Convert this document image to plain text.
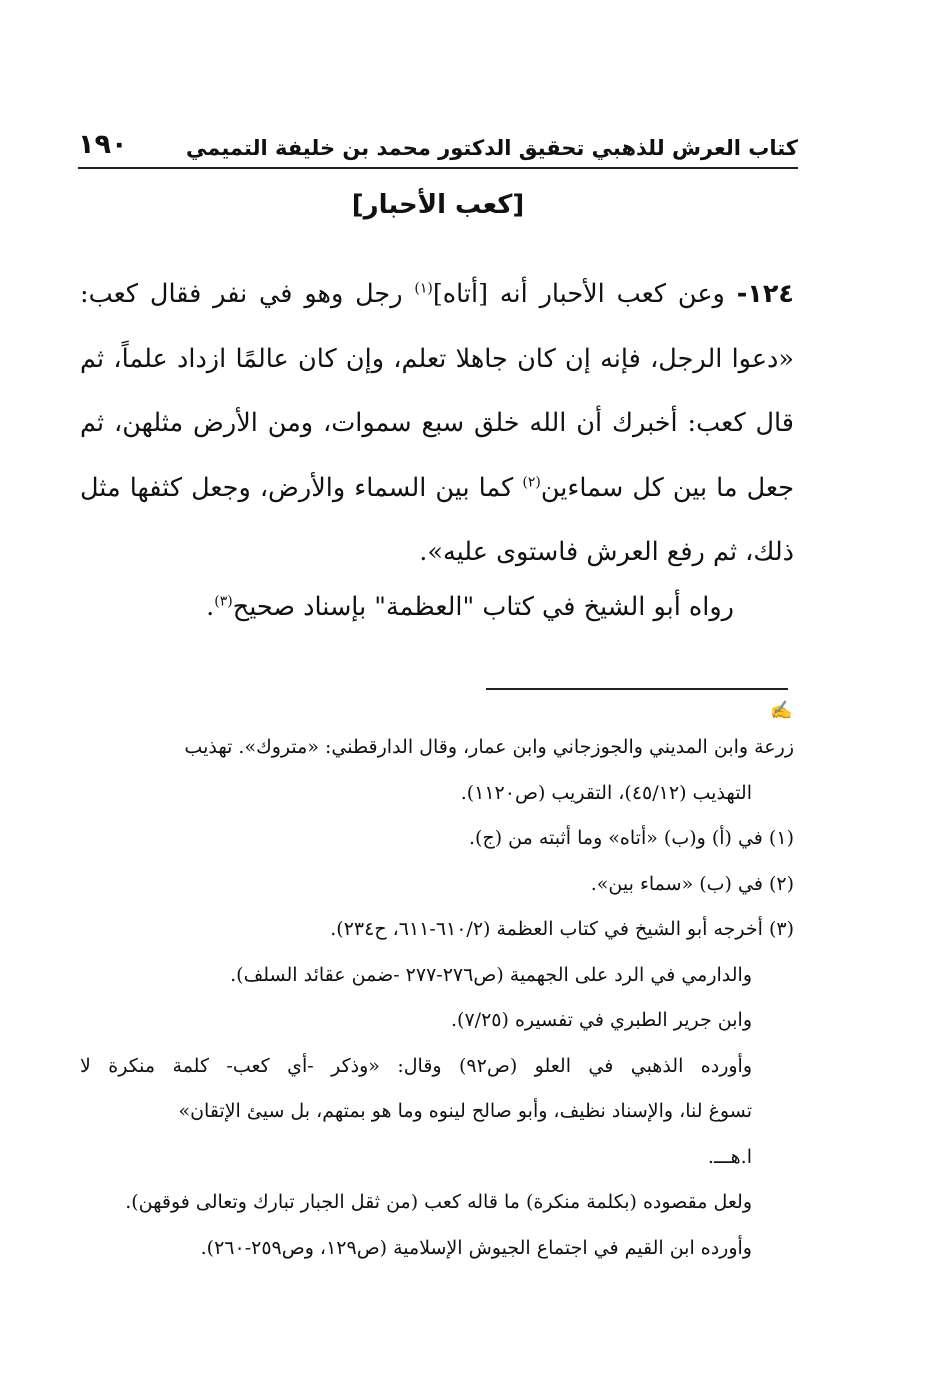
كتاب العرش للذهبي تحقيق الدكتور محمد بن خليفة التميمي
١٩٠
[كعب الأحبار]

١٢٤- وعن كعب الأحبار أنه [أتاه]$^{(١)}$ رجل وهو في نفر فقال كعب: «دعوا الرجل، فإنه إن كان جاهلا تعلم، وإن كان عالمًا ازداد علماً، ثم قال كعب: أخبرك أن الله خلق سبع سموات، ومن الأرض مثلهن، ثم جعل ما بين كل سماءين$^{(٢)}$ كما بين السماء والأرض، وجعل كثفها مثل ذلك، ثم رفع العرش فاستوى عليه».

رواه أبو الشيخ في كتاب "العظمة" بإسناد صحيح$^{(٣)}$.
✍
زرعة وابن المديني والجوزجاني وابن عمار، وقال الدارقطني: «متروك». تهذيب
التهذيب (٤٥/١٢)، التقريب (ص١١٢٠).
(١) في (أ) و(ب) «أتاه» وما أثبته من (ج).
(٢) في (ب) «سماء بين».
(٣) أخرجه أبو الشيخ في كتاب العظمة (٦١٠/٢-٦١١، ح٢٣٤).
والدارمي في الرد على الجهمية (ص٢٧٦-٢٧٧ -ضمن عقائد السلف).
وابن جرير الطبري في تفسيره (٧/٢٥).
وأورده الذهبي في العلو (ص٩٢) وقال: «وذكر -أي كعب- كلمة منكرة لا
تسوغ لنا، والإسناد نظيف، وأبو صالح لينوه وما هو بمتهم، بل سيئ الإتقان»
ا.هـــ.
ولعل مقصوده (بكلمة منكرة) ما قاله كعب (من ثقل الجبار تبارك وتعالى فوقهن).
وأورده ابن القيم في اجتماع الجيوش الإسلامية (ص١٢٩، وص٢٥٩-٢٦٠).
